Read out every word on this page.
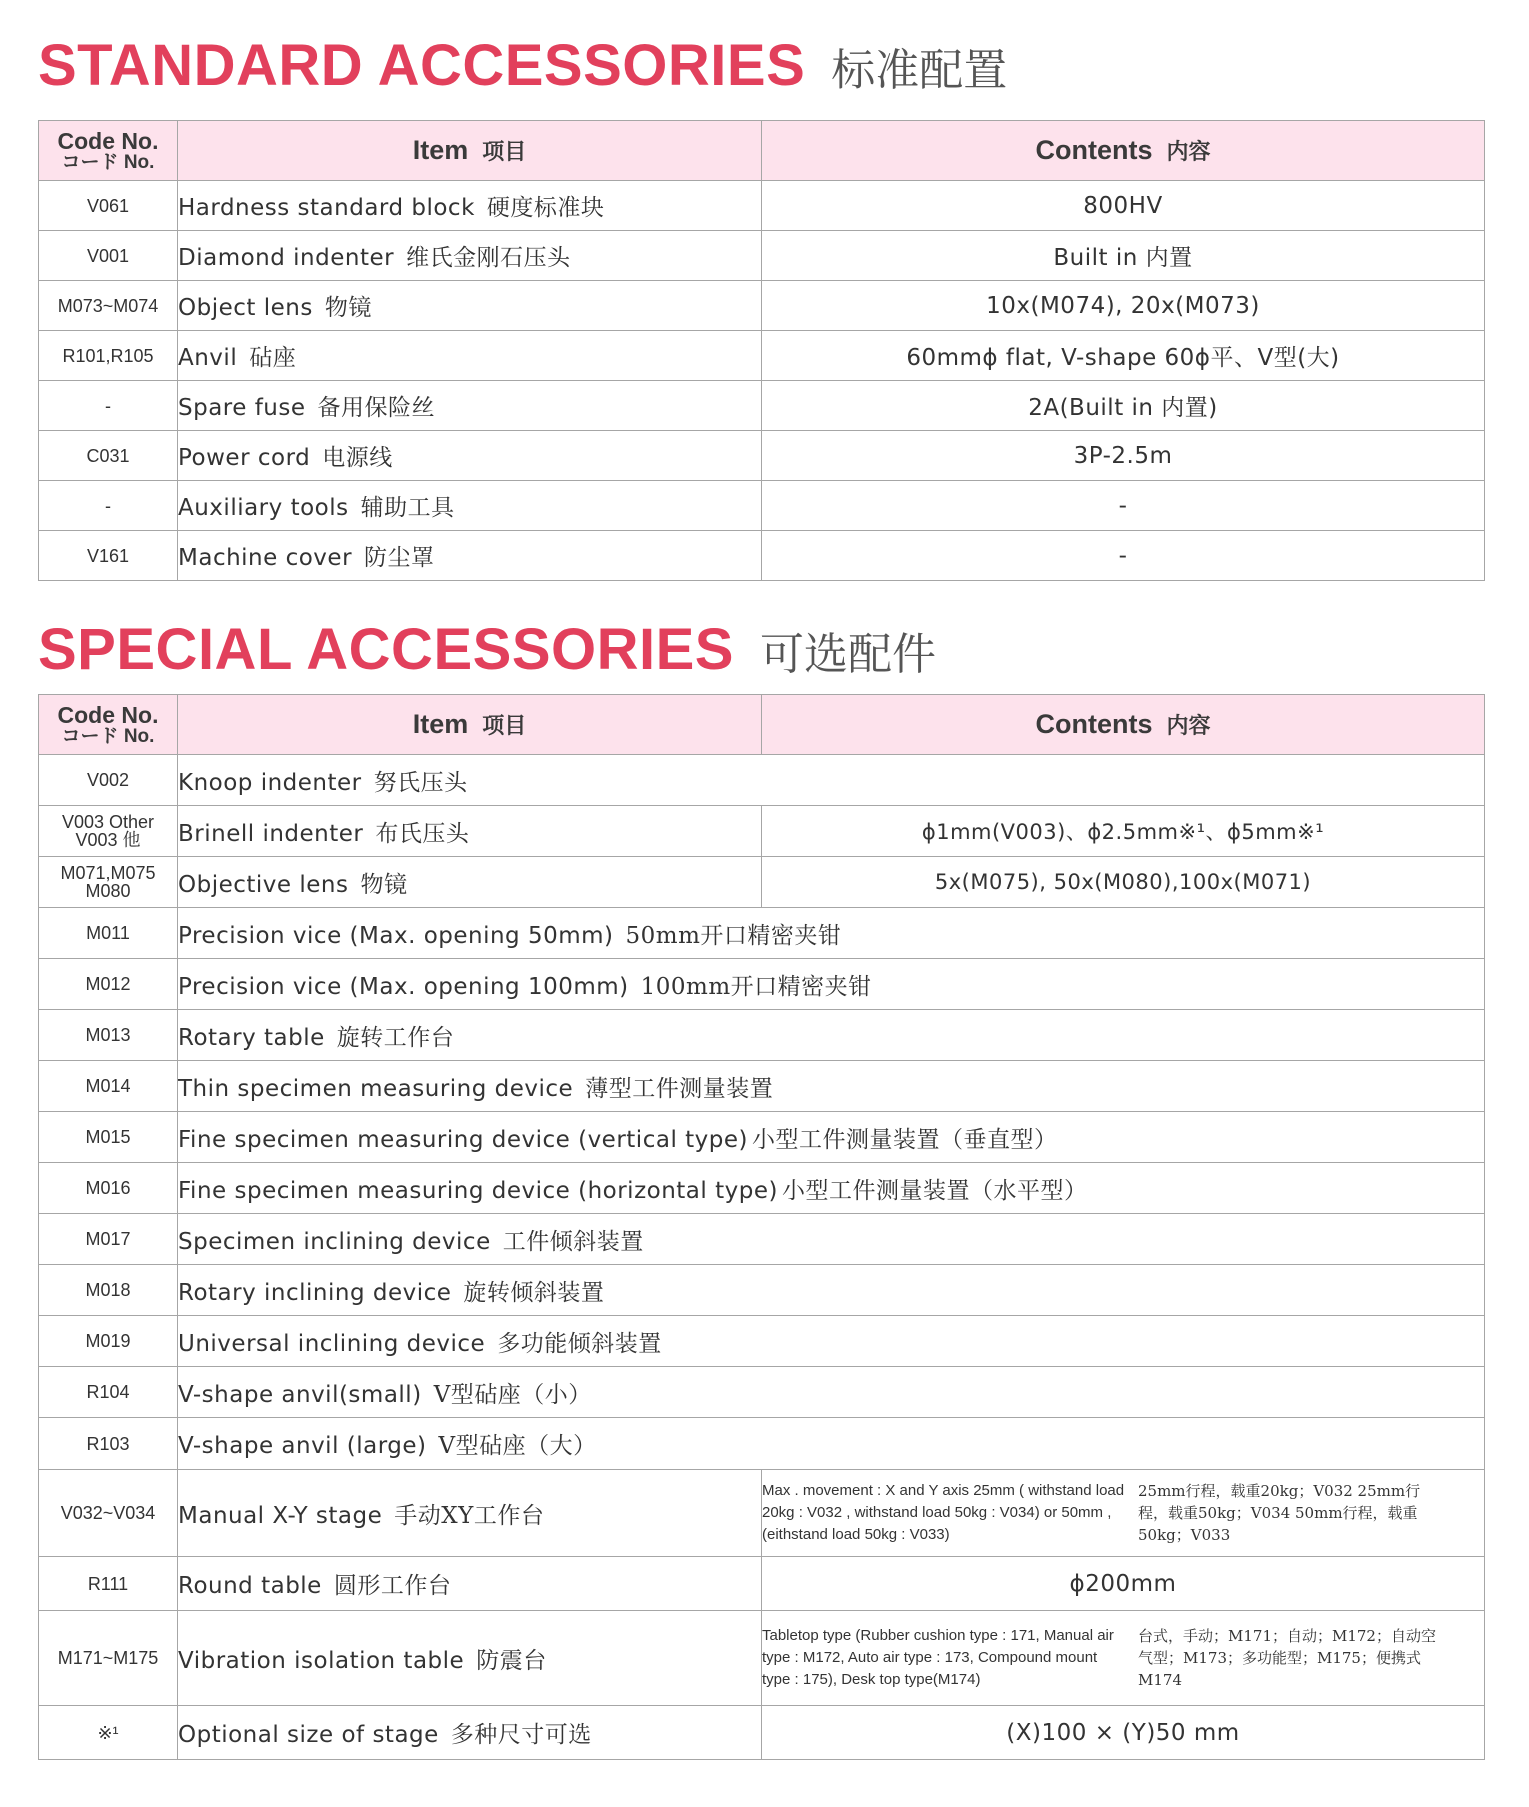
STANDARD ACCESSORIES 标准配置
Code No.
コード No.	Item 项目	Contents 内容
V061	Hardness standard block 硬度标准块	800HV
V001	Diamond indenter 维氏金刚石压头	Built in 内置
M073~M074	Object lens 物镜	10x(M074), 20x(M073)
R101,R105	Anvil 砧座	60mmϕ flat, V-shape 60ϕ平、V型(大)
-	Spare fuse 备用保险丝	2A(Built in 内置)
C031	Power cord 电源线	3P-2.5m
-	Auxiliary tools 辅助工具	-
V161	Machine cover 防尘罩	-
SPECIAL ACCESSORIES 可选配件
Code No.
コード No.	Item 项目	Contents 内容
V002	Knoop indenter 努氏压头	

V003 Other
V003 他	Brinell indenter 布氏压头	ϕ1mm(V003)、ϕ2.5mm※¹、ϕ5mm※¹

M071,M075
M080	Objective lens 物镜	5x(M075), 50x(M080),100x(M071)
M011	Precision vice (Max. opening 50mm) 50mm开口精密夹钳	
M012	Precision vice (Max. opening 100mm) 100mm开口精密夹钳	
M013	Rotary table 旋转工作台	
M014	Thin specimen measuring device 薄型工件测量装置	
M015	Fine specimen measuring device (vertical type) 小型工件测量装置（垂直型）	
M016	Fine specimen measuring device (horizontal type) 小型工件测量装置（水平型）	
M017	Specimen inclining device 工件倾斜装置	
M018	Rotary inclining device 旋转倾斜装置	
M019	Universal inclining device 多功能倾斜装置	
R104	V-shape anvil(small) V型砧座（小）	
R103	V-shape anvil (large) V型砧座（大）	
V032~V034	Manual X-Y stage 手动XY工作台	Max . movement : X and Y axis 25mm ( withstand load 20kg : V032 , withstand load 50kg : V034) or 50mm , (eithstand load 50kg : V033)25mm行程，载重20kg；V032 25mm行程，载重50kg；V034 50mm行程，载重50kg；V033
R111	Round table 圆形工作台	ϕ200mm
M171~M175	Vibration isolation table 防震台	Tabletop type (Rubber cushion type : 171, Manual air type : M172, Auto air type : 173, Compound mount type : 175), Desk top type(M174)台式，手动；M171；自动；M172；自动空气型；M173；多功能型；M175；便携式 M174
※¹	Optional size of stage 多种尺寸可选	(X)100 × (Y)50 mm
